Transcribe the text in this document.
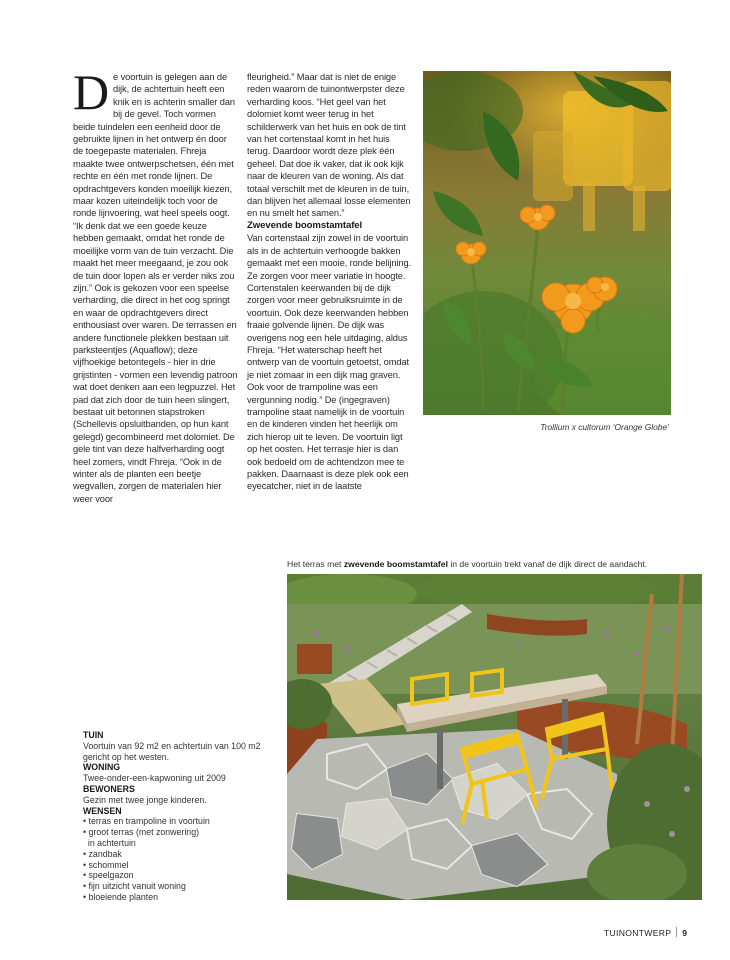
D e voortuin is gelegen aan de dijk, de achtertuin heeft een knik en is achterin smaller dan bij de gevel. Toch vormen beide tuindelen een eenheid door de gebruikte lijnen in het ontwerp én door de toegepaste materialen. Fhreja maakte twee ontwerpschetsen, één met rechte en één met ronde lijnen. De opdrachtgevers konden moeilijk kiezen, maar kozen uiteindelijk toch voor de ronde lijnvoering, wat heel speels oogt. “Ik denk dat we een goede keuze hebben gemaakt, omdat het ronde de moeilijke vorm van de tuin verzacht. Die maakt het meer meegaand, je zou ook de tuin door lopen als er verder niks zou zijn.” Ook is gekozen voor een speelse verharding, die direct in het oog springt en waar de opdrachtgevers direct enthousiast over waren. De terrassen en andere functionele plekken bestaan uit parksteentjes (Aquaflow); deze vijfhoekige betontegels - hier in drie grijstinten - vormen een levendig patroon wat doet denken aan een legpuzzel. Het pad dat zich door de tuin heen slingert, bestaat uit betonnen stapstroken (Schellevis opsluitbanden, op hun kant gelegd) gecombineerd met dolomiet. De gele tint van deze halfverharding oogt heel zomers, vindt Fhreja. “Ook in de winter als de planten een beetje wegvallen, zorgen de materialen hier weer voor

fleurigheid.” Maar dat is niet de enige reden waarom de tuinontwerpster deze verharding koos. “Het geel van het dolomiet komt weer terug in het schilderwerk van het huis en ook de tint van het cortenstaal komt in het huis terug. Daardoor wordt deze plek één geheel. Dat doe ik vaker, dat ik ook kijk naar de kleuren van de woning. Als dat totaal verschilt met de kleuren in de tuin, dan blijven het allemaal losse elementen en nu smelt het samen.”

Zwevende boomstamtafel

Van cortenstaal zijn zowel in de voortuin als in de achtertuin verhoogde bakken gemaakt met een mooie, ronde belijning. Ze zorgen voor meer variatie in hoogte. Cortenstalen keerwanden bij de dijk zorgen voor meer gebruiksruimte in de voortuin. Ook deze keerwanden hebben fraaie golvende lijnen. De dijk was overigens nog een hele uitdaging, aldus Fhreja. “Het waterschap heeft het ontwerp van de voortuin getoetst, omdat je niet zomaar in een dijk mag graven. Ook voor de trampoline was een vergunning nodig.” De (ingegraven) trampoline staat namelijk in de voortuin en de kinderen vinden het heerlijk om zich hierop uit te leven. De voortuin ligt op het oosten. Het terrasje hier is dan ook bedoeld om de achtendzon mee te pakken. Daarnaast is deze plek ook een eyecatcher, niet in de laatste

Trollium x cultorum ‘Orange Globe’
Het terras met zwevende boomstamtafel in de voortuin trekt vanaf de dijk direct de aandacht.
TUIN
Voortuin van 92 m2 en achtertuin van 100 m2 gericht op het westen.
WONING
Twee-onder-een-kapwoning uit 2009
BEWONERS
Gezin met twee jonge kinderen.
WENSEN
• terras en trampoline in voortuin
• groot terras (met zonwering)
in achtertuin
• zandbak
• schommel
• speelgazon
• fijn uitzicht vanuit woning
• bloeiende planten
TUINONTWERP 9
